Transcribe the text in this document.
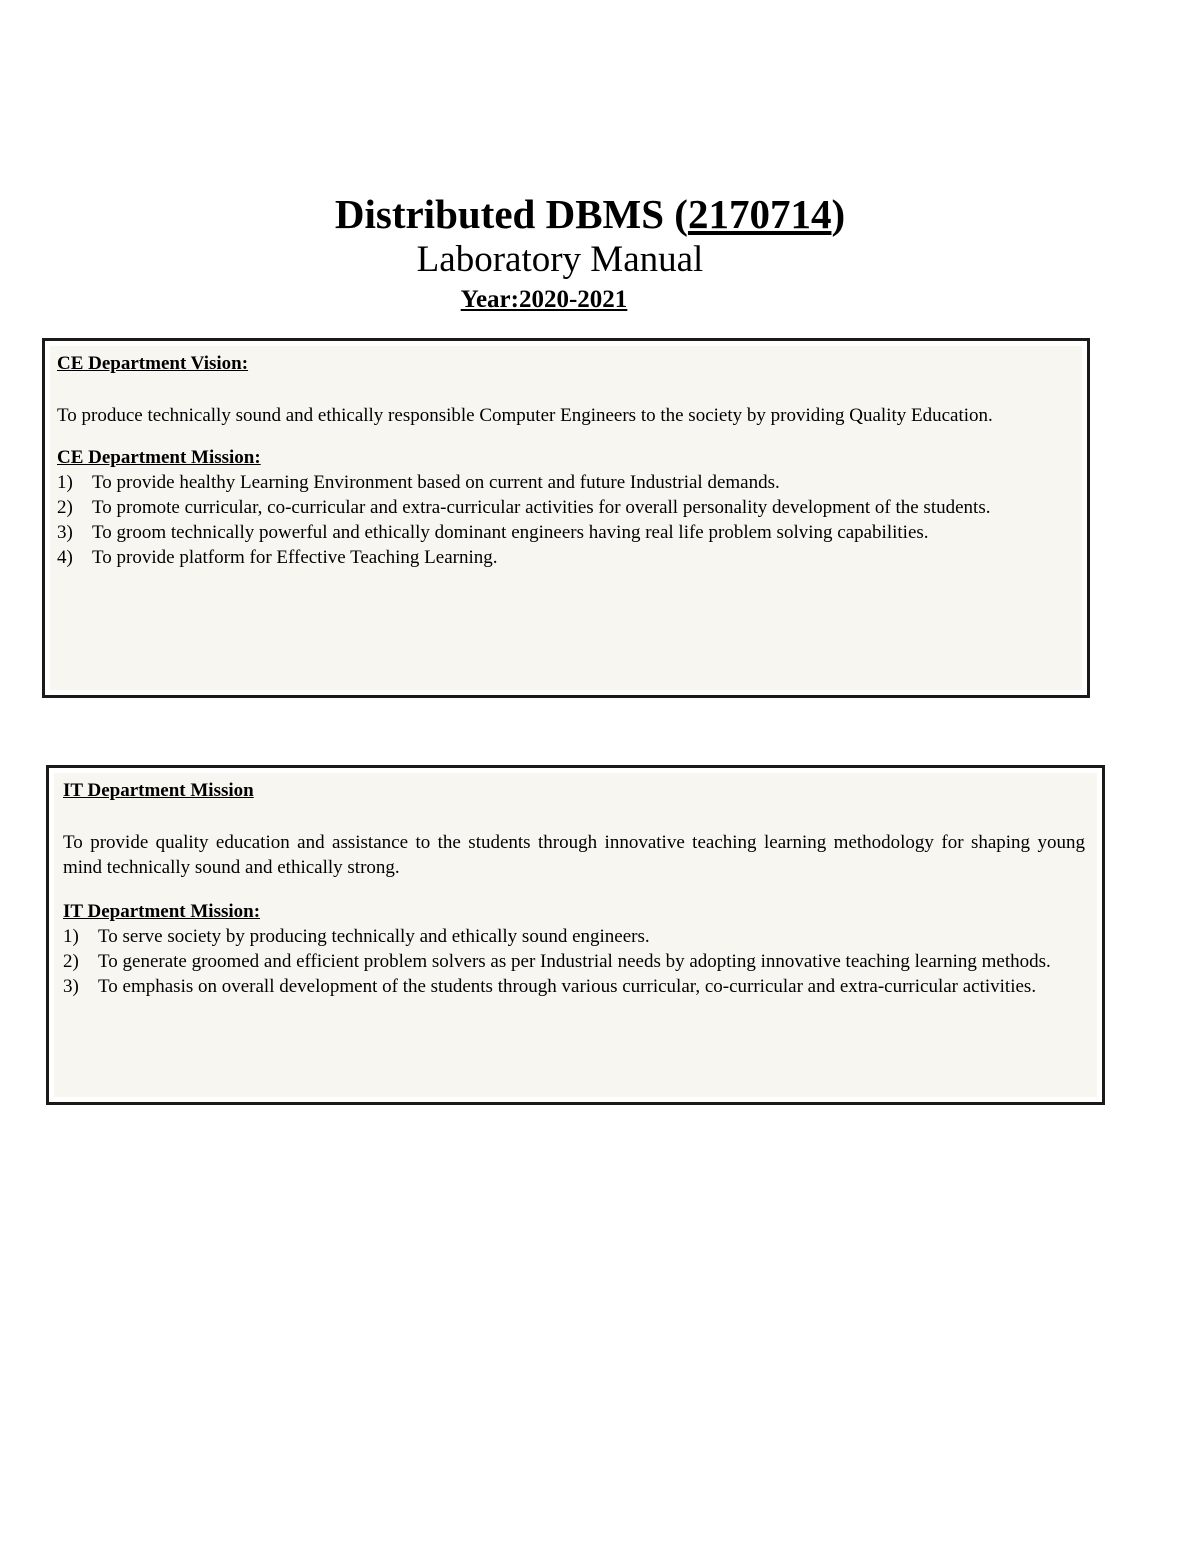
Distributed DBMS (2170714)
Laboratory Manual
Year:2020-2021

CE Department Vision:

To produce technically sound and ethically responsible Computer Engineers to the society by providing Quality Education.

CE Department Mission:

1) To provide healthy Learning Environment based on current and future Industrial demands.
2) To promote curricular, co-curricular and extra-curricular activities for overall personality development of the students.
3) To groom technically powerful and ethically dominant engineers having real life problem solving capabilities.
4) To provide platform for Effective Teaching Learning.

IT Department Mission

To provide quality education and assistance to the students through innovative teaching learning methodology for shaping young mind technically sound and ethically strong.

IT Department Mission:

1) To serve society by producing technically and ethically sound engineers.
2) To generate groomed and efficient problem solvers as per Industrial needs by adopting innovative teaching learning methods.
3) To emphasis on overall development of the students through various curricular, co-curricular and extra-curricular activities.
